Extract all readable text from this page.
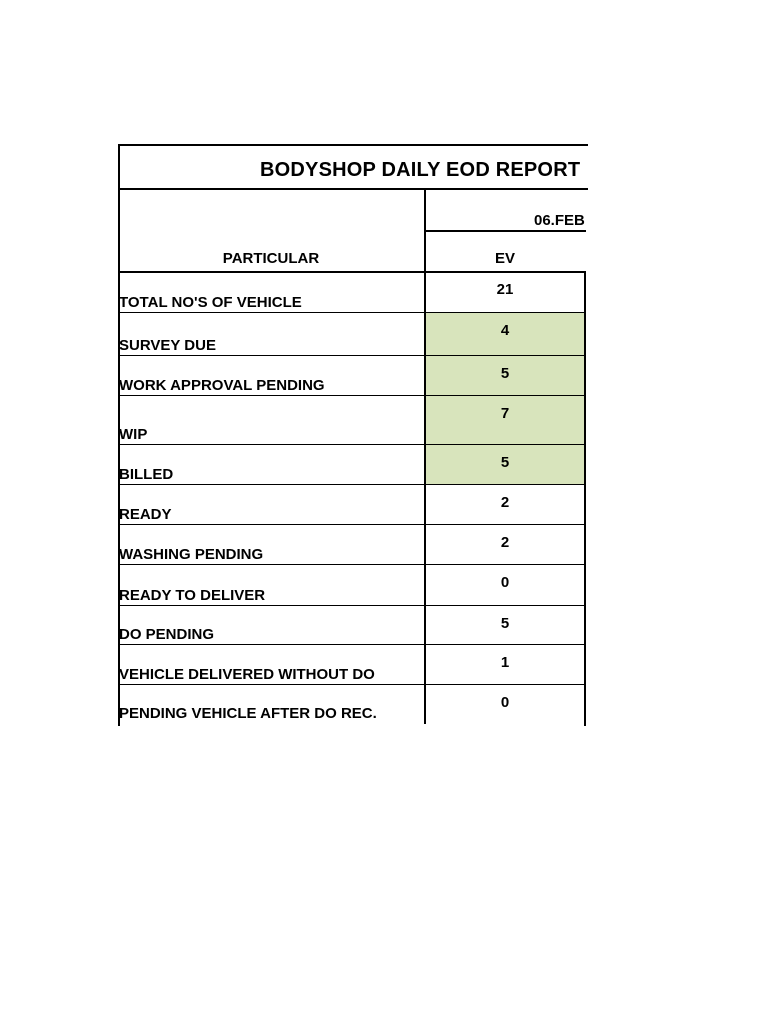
BODYSHOP DAILY EOD REPORT
06.FEB
PARTICULAR	EV
TOTAL NO'S OF VEHICLE
21
SURVEY DUE
4
WORK APPROVAL PENDING
5
WIP
7
BILLED
5
READY
2
WASHING PENDING
2
READY TO DELIVER
0
DO PENDING
5
VEHICLE DELIVERED WITHOUT DO
1
PENDING VEHICLE AFTER DO REC.
0
